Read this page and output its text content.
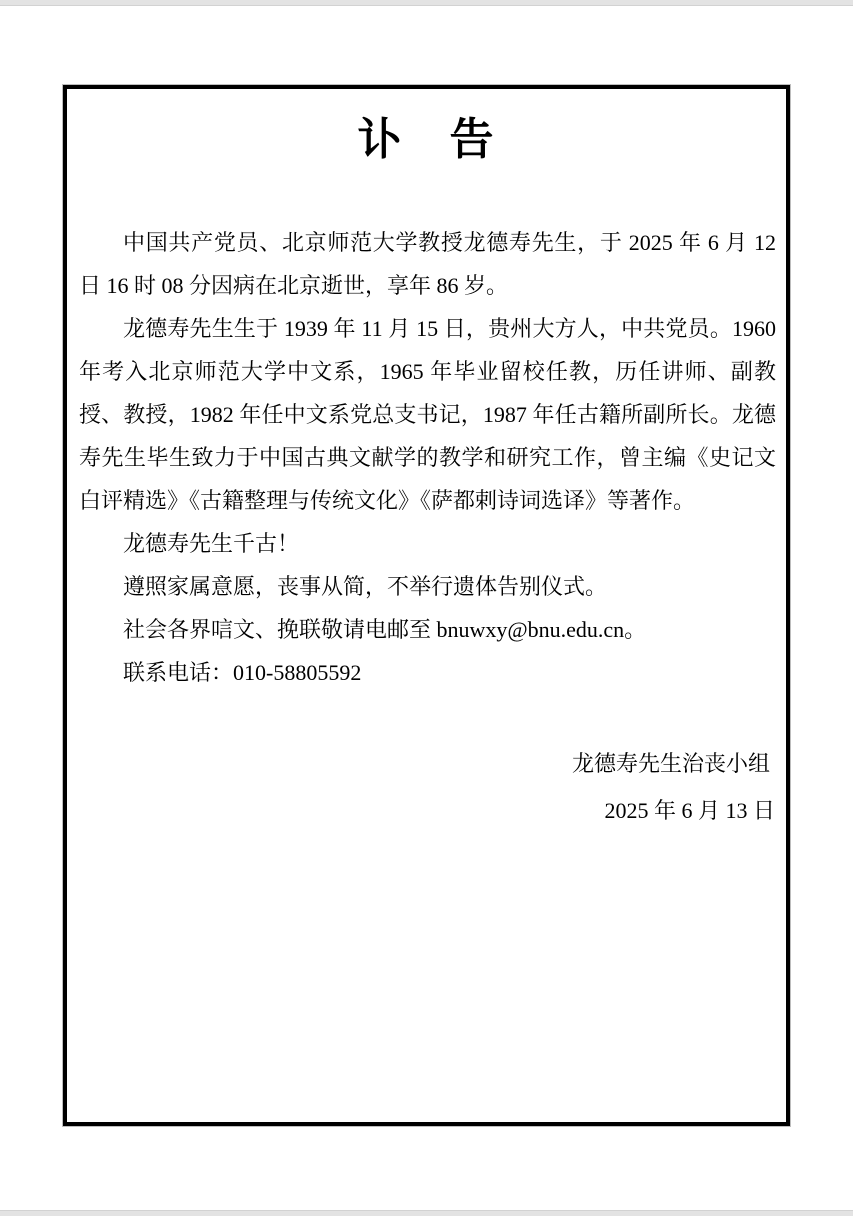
讣　告

中国共产党员、北京师范大学教授龙德寿先生，于 2025 年 6 月 12 日 16 时 08 分因病在北京逝世，享年 86 岁。

龙德寿先生生于 1939 年 11 月 15 日，贵州大方人，中共党员。1960 年考入北京师范大学中文系，1965 年毕业留校任教，历任讲师、副教授、教授，1982 年任中文系党总支书记，1987 年任古籍所副所长。龙德寿先生毕生致力于中国古典文献学的教学和研究工作，曾主编《史记文白评精选》《古籍整理与传统文化》《萨都剌诗词选译》等著作。

龙德寿先生千古！

遵照家属意愿，丧事从简，不举行遗体告别仪式。

社会各界唁文、挽联敬请电邮至 bnuwxy@bnu.edu.cn。

联系电话：010-58805592

龙德寿先生治丧小组
2025 年 6 月 13 日
